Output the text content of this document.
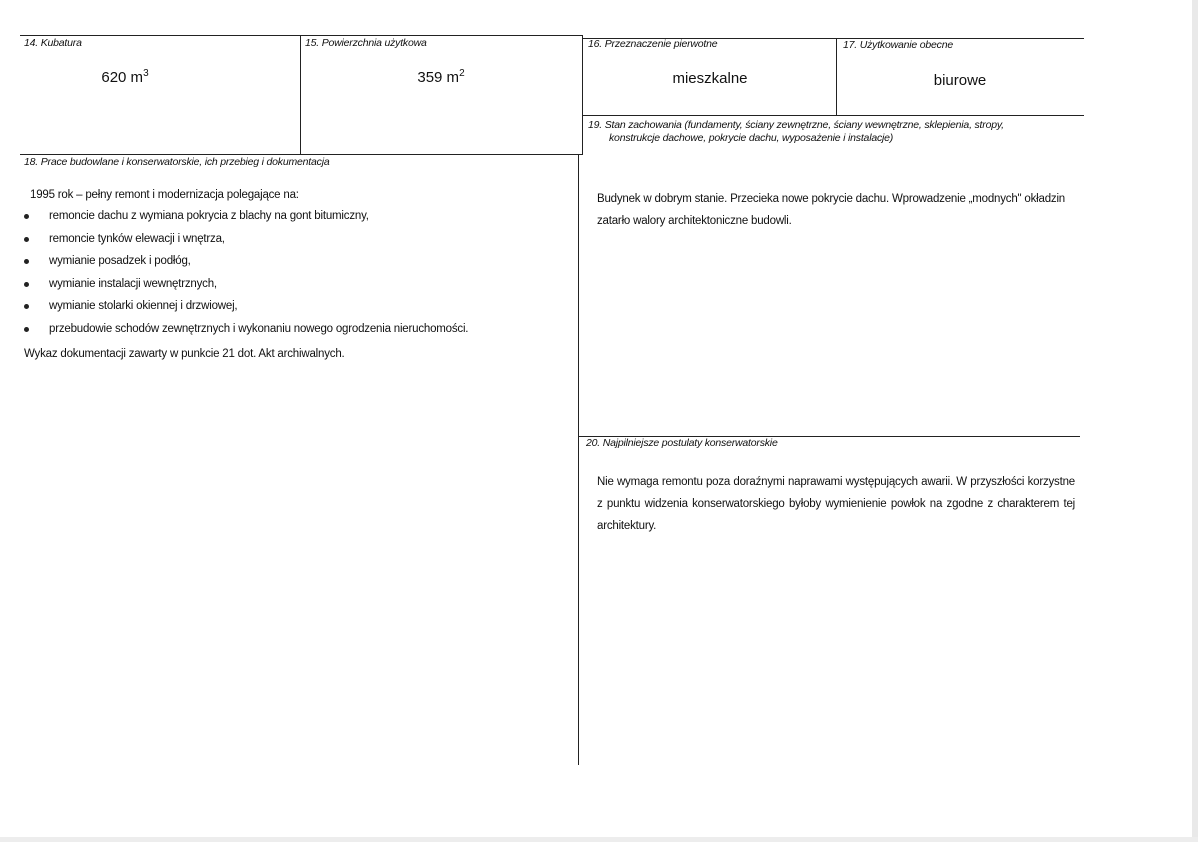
14. Kubatura
620 $m^3$
15. Powierzchnia użytkowa
359 $m^2$
16. Przeznaczenie pierwotne
mieszkalne
17. Użytkowanie obecne
biurowe
18. Prace budowlane i konserwatorskie, ich przebieg i dokumentacja
1995 rok – pełny remont i modernizacja polegające na:
remoncie dachu z wymiana pokrycia z blachy na gont bitumiczny,
remoncie tynków elewacji i wnętrza,
wymianie posadzek i podłóg,
wymianie instalacji wewnętrznych,
wymianie stolarki okiennej i drzwiowej,
przebudowie schodów zewnętrznych i wykonaniu nowego ogrodzenia nieruchomości.
Wykaz dokumentacji zawarty w punkcie 21 dot. Akt archiwalnych.
19. Stan zachowania (fundamenty, ściany zewnętrzne, ściany wewnętrzne, sklepienia, stropy,
konstrukcje dachowe, pokrycie dachu, wyposażenie i instalacje)
Budynek w dobrym stanie. Przecieka nowe pokrycie dachu. Wprowadzenie „modnych" okładzin zatarło walory architektoniczne budowli.
20. Najpilniejsze postulaty konserwatorskie
Nie wymaga remontu poza doraźnymi naprawami występujących awarii. W przyszłości korzystne z punktu widzenia konserwatorskiego byłoby wymienienie powłok na zgodne z charakterem tej architektury.
